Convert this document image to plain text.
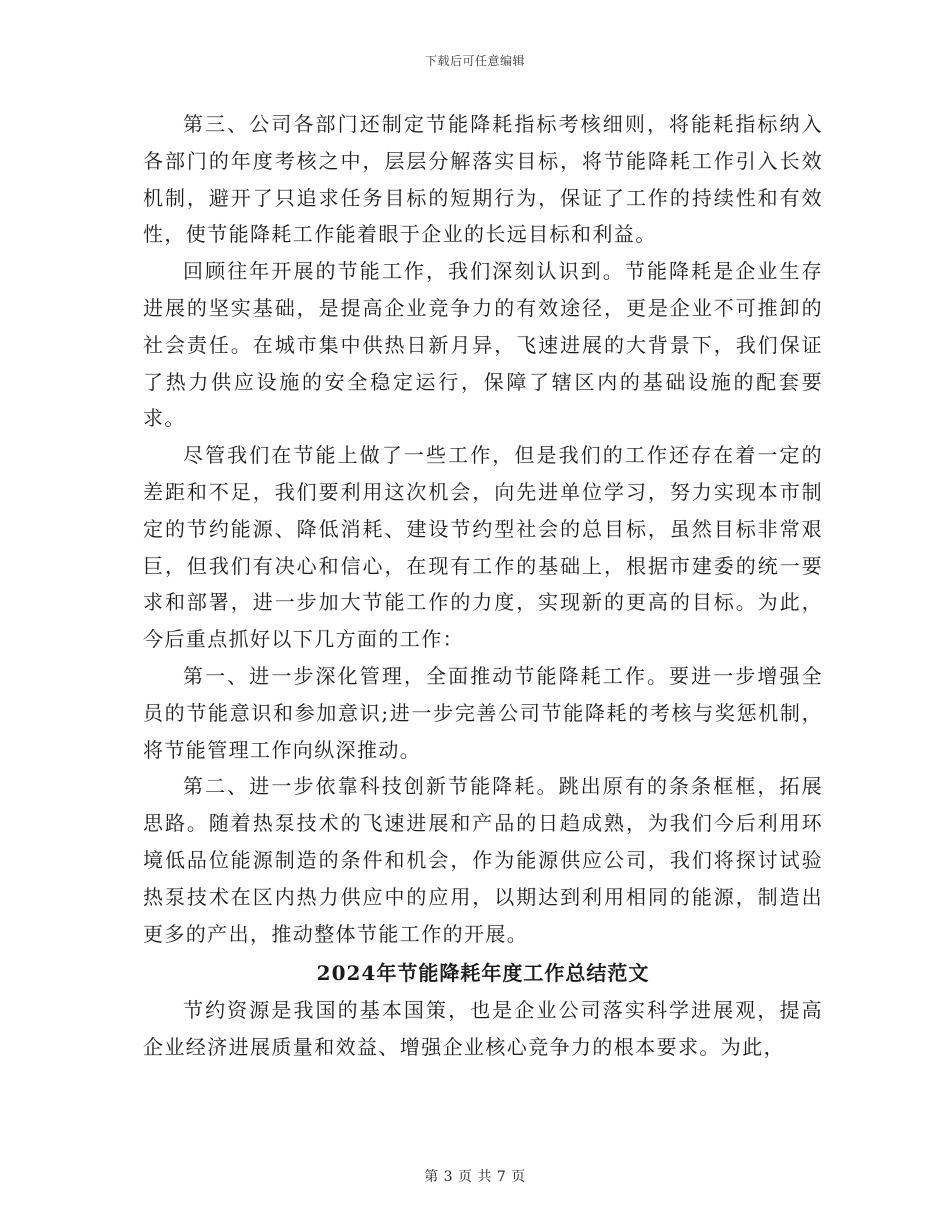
下载后可任意编辑

第三、公司各部门还制定节能降耗指标考核细则，将能耗指标纳入各部门的年度考核之中，层层分解落实目标，将节能降耗工作引入长效机制，避开了只追求任务目标的短期行为，保证了工作的持续性和有效性，使节能降耗工作能着眼于企业的长远目标和利益。

回顾往年开展的节能工作，我们深刻认识到。节能降耗是企业生存进展的坚实基础，是提高企业竞争力的有效途径，更是企业不可推卸的社会责任。在城市集中供热日新月异，飞速进展的大背景下，我们保证了热力供应设施的安全稳定运行，保障了辖区内的基础设施的配套要求。

尽管我们在节能上做了一些工作，但是我们的工作还存在着一定的差距和不足，我们要利用这次机会，向先进单位学习，努力实现本市制定的节约能源、降低消耗、建设节约型社会的总目标，虽然目标非常艰巨，但我们有决心和信心，在现有工作的基础上，根据市建委的统一要求和部署，进一步加大节能工作的力度，实现新的更高的目标。为此，今后重点抓好以下几方面的工作：

第一、进一步深化管理，全面推动节能降耗工作。要进一步增强全员的节能意识和参加意识;进一步完善公司节能降耗的考核与奖惩机制，将节能管理工作向纵深推动。

第二、进一步依靠科技创新节能降耗。跳出原有的条条框框，拓展思路。随着热泵技术的飞速进展和产品的日趋成熟，为我们今后利用环境低品位能源制造的条件和机会，作为能源供应公司，我们将探讨试验热泵技术在区内热力供应中的应用，以期达到利用相同的能源，制造出更多的产出，推动整体节能工作的开展。

2024年节能降耗年度工作总结范文

节约资源是我国的基本国策，也是企业公司落实科学进展观，提高企业经济进展质量和效益、增强企业核心竞争力的根本要求。为此，

第 3 页 共 7 页
